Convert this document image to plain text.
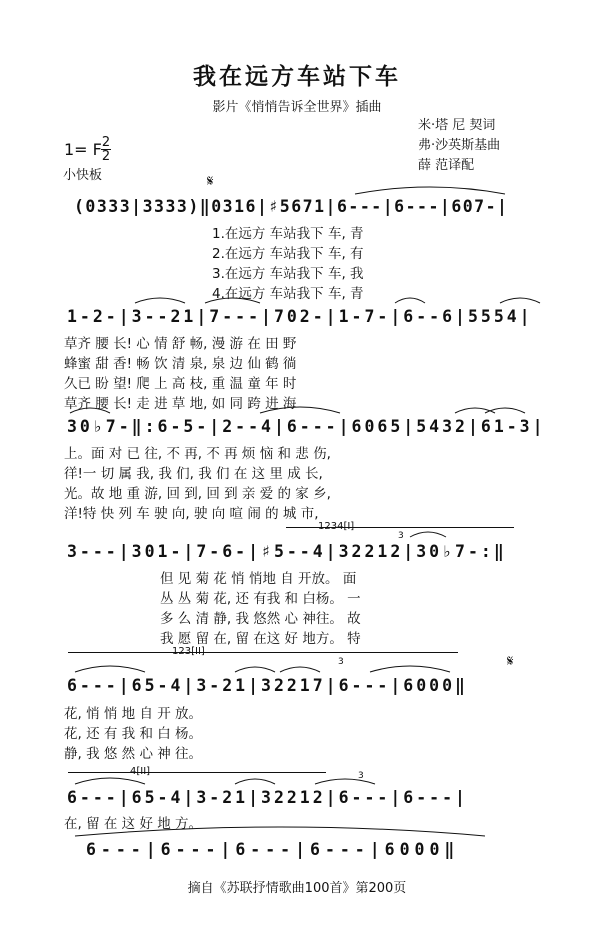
我在远方车站下车
影片《悄悄告诉全世界》插曲
米·塔 尼 契词
弗·沙英斯基曲
薛 范译配
1= F 2
2
小快板	𝄋
(0333|3333)‖0316|♯5671|6---|6---|607-|
1.在远方 车站我下 车, 青
2.在远方 车站我下 车, 有
3.在远方 车站我下 车, 我
4.在远方 车站我下 车, 青
1-2-|3--21|7---|702-|1-7-|6--6|5554|
草齐 腰 长! 心 情 舒 畅, 漫 游 在 田 野
蜂蜜 甜 香! 畅 饮 清 泉, 泉 边 仙 鹤 徜
久已 盼 望! 爬 上 高 枝, 重 温 童 年 时
草齐 腰 长! 走 进 草 地, 如 同 跨 进 海
30♭7-‖:6-5-|2--4|6---|6065|5432|61-3|
上。面 对 已 往, 不 再, 不 再 烦 恼 和 悲 伤,
徉!一 切 属 我, 我 们, 我 们 在 这 里 成 长,
光。故 地 重 游, 回 到, 回 到 亲 爱 的 家 乡,
洋!特 快 列 车 驶 向, 驶 向 喧 闹 的 城 市,
3---|301-|7-6-|♯5--4|32212|30♭7-:‖
但 见 菊 花 悄 悄地 自 开放。 面
丛 丛 菊 花, 还 有我 和 白杨。 一
多 么 清 静, 我 悠然 心 神往。 故
我 愿 留 在, 留 在这 好 地方。 特
𝄋
6---|65-4|3-21|32217|6---|6000‖
花, 悄 悄 地 自 开 放。
花, 还 有 我 和 白 杨。
静, 我 悠 然 心 神 往。
6---|65-4|3-21|32212|6---|6---|
在, 留 在 这 好 地 方。
6---|6---|6---|6---|6000‖
3
3
3
摘自《苏联抒情歌曲100首》第200页
